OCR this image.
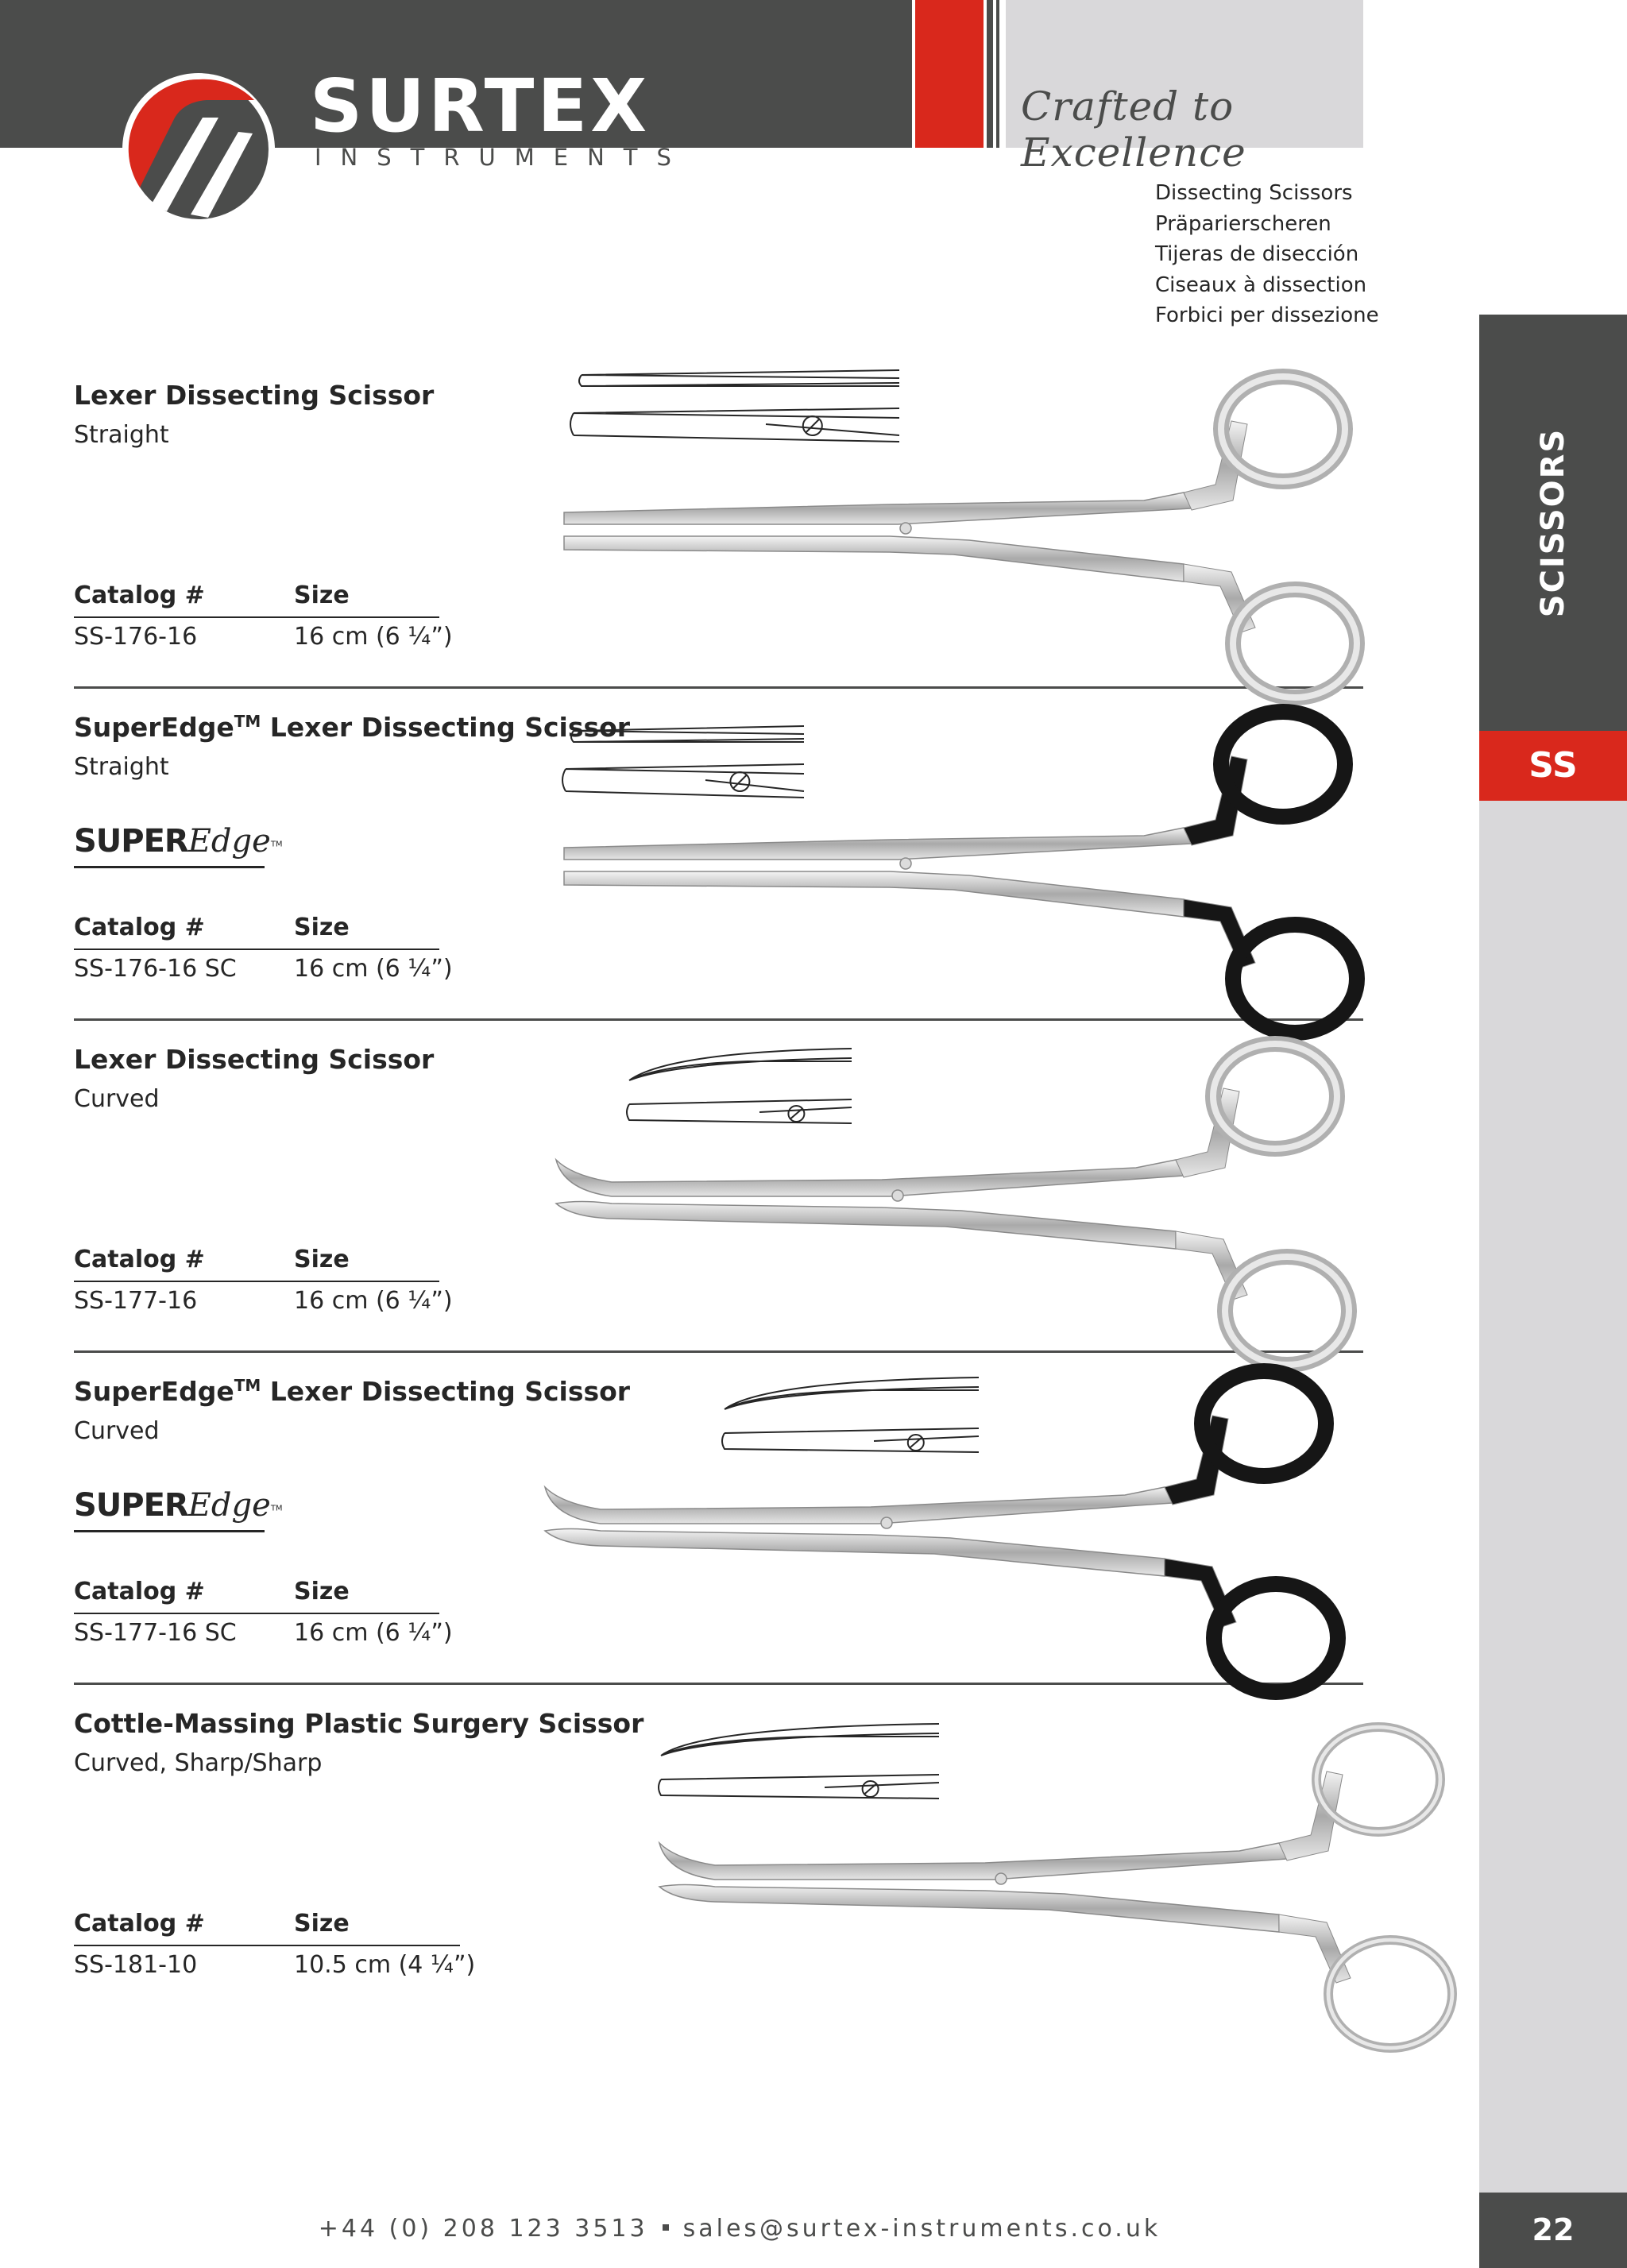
Crafted to Excellence
SURTEX
INSTRUMENTS
Dissecting Scissors
Präparierscheren
Tijeras de disección
Ciseaux à dissection
Forbici per dissezione
SCISSORS
SS
22
Lexer Dissecting Scissor
Straight
Catalog #	Size
SS-176-16	16 cm (6 ¼”)
SuperEdge™ Lexer Dissecting Scissor
Straight
SUPEREdge™
Catalog #	Size
SS-176-16 SC 16 cm (6 ¼”)
Lexer Dissecting Scissor
Curved
Catalog #	Size
SS-177-16	16 cm (6 ¼”)
SuperEdge™ Lexer Dissecting Scissor
Curved
SUPEREdge™
Catalog #	Size
SS-177-16 SC 16 cm (6 ¼”)
Cottle-Massing Plastic Surgery Scissor
Curved, Sharp/Sharp
Catalog #	Size
SS-181-10	10.5 cm (4 ¼”)
+44 (0) 208 123 3513 sales@surtex-instruments.co.uk
